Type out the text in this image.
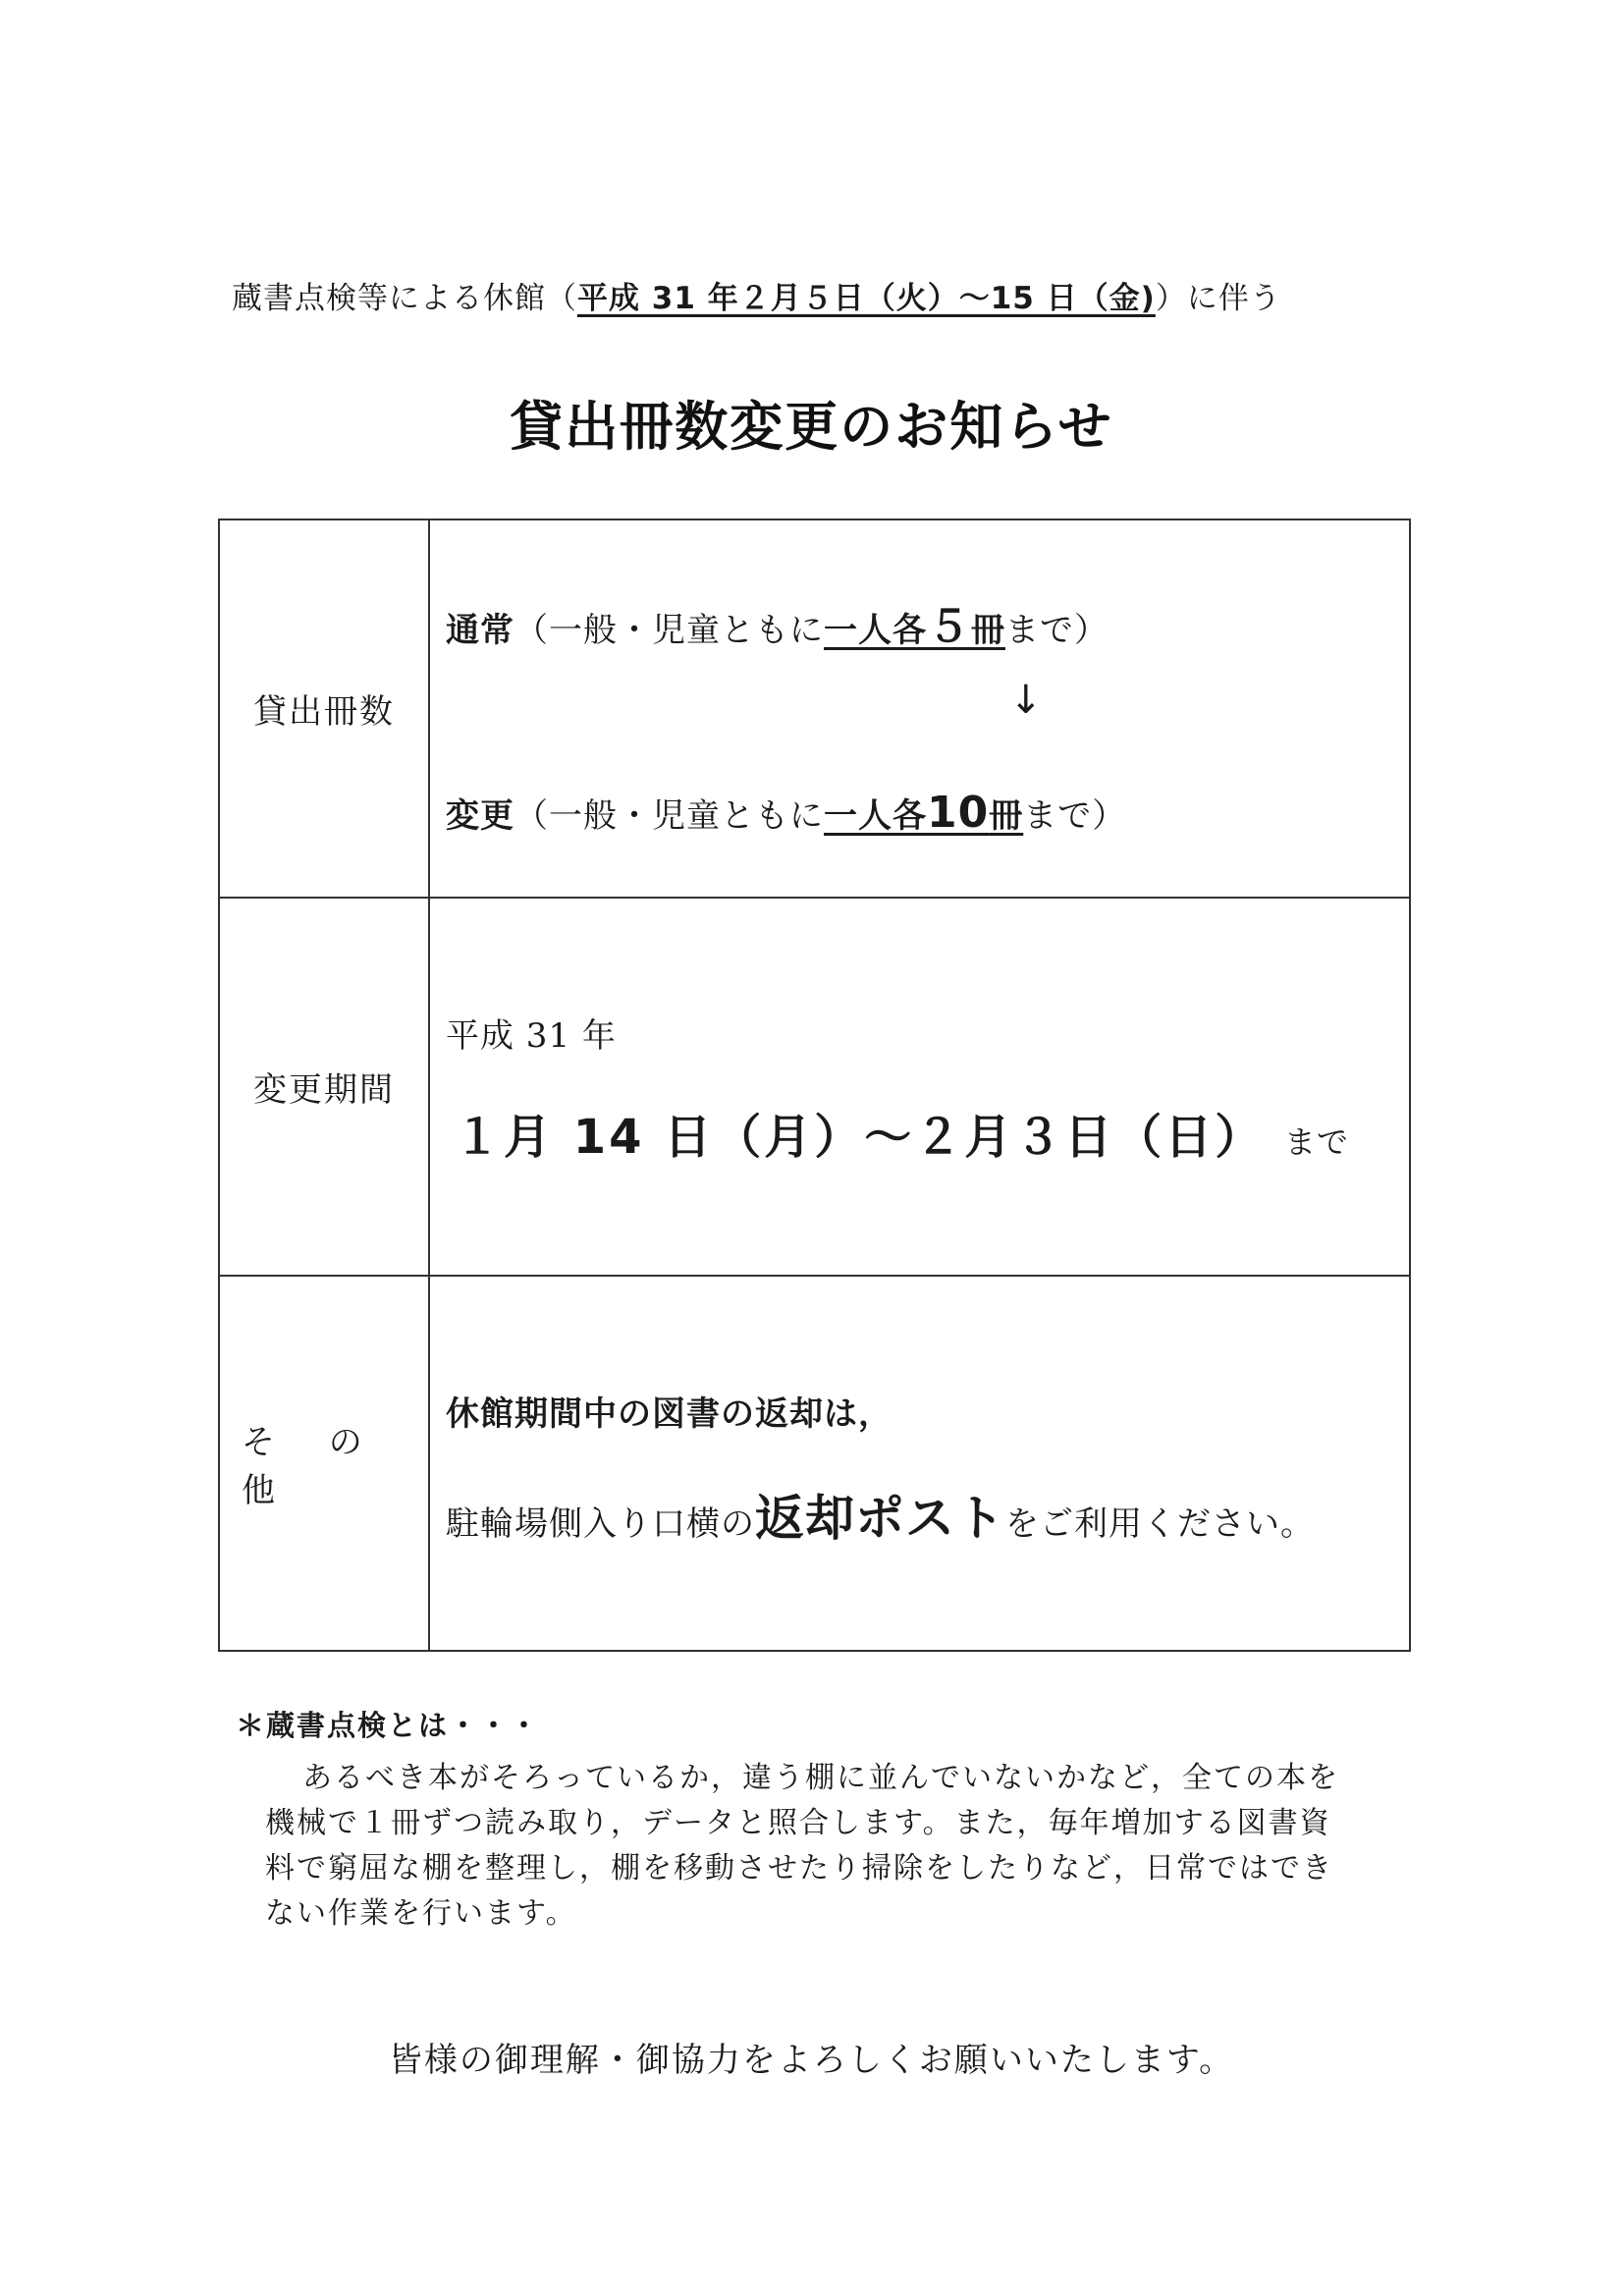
蔵書点検等による休館（平成 31 年２月５日（火）～15 日（金)）に伴う
貸出冊数変更のお知らせ
貸出冊数
通常（一般・児童ともに一人各５冊まで）
↓
変更（一般・児童ともに一人各10冊まで）
変更期間
平成 31 年
１月 14 日（月）～２月３日（日） まで
そ の 他
休館期間中の図書の返却は，
駐輪場側入り口横の返却ポストをご利用ください。
＊蔵書点検とは・・・
あるべき本がそろっているか，違う棚に並んでいないかなど，全ての本を
機械で１冊ずつ読み取り，データと照合します。また，毎年増加する図書資
料で窮屈な棚を整理し，棚を移動させたり掃除をしたりなど，日常ではでき
ない作業を行います。
皆様の御理解・御協力をよろしくお願いいたします。
